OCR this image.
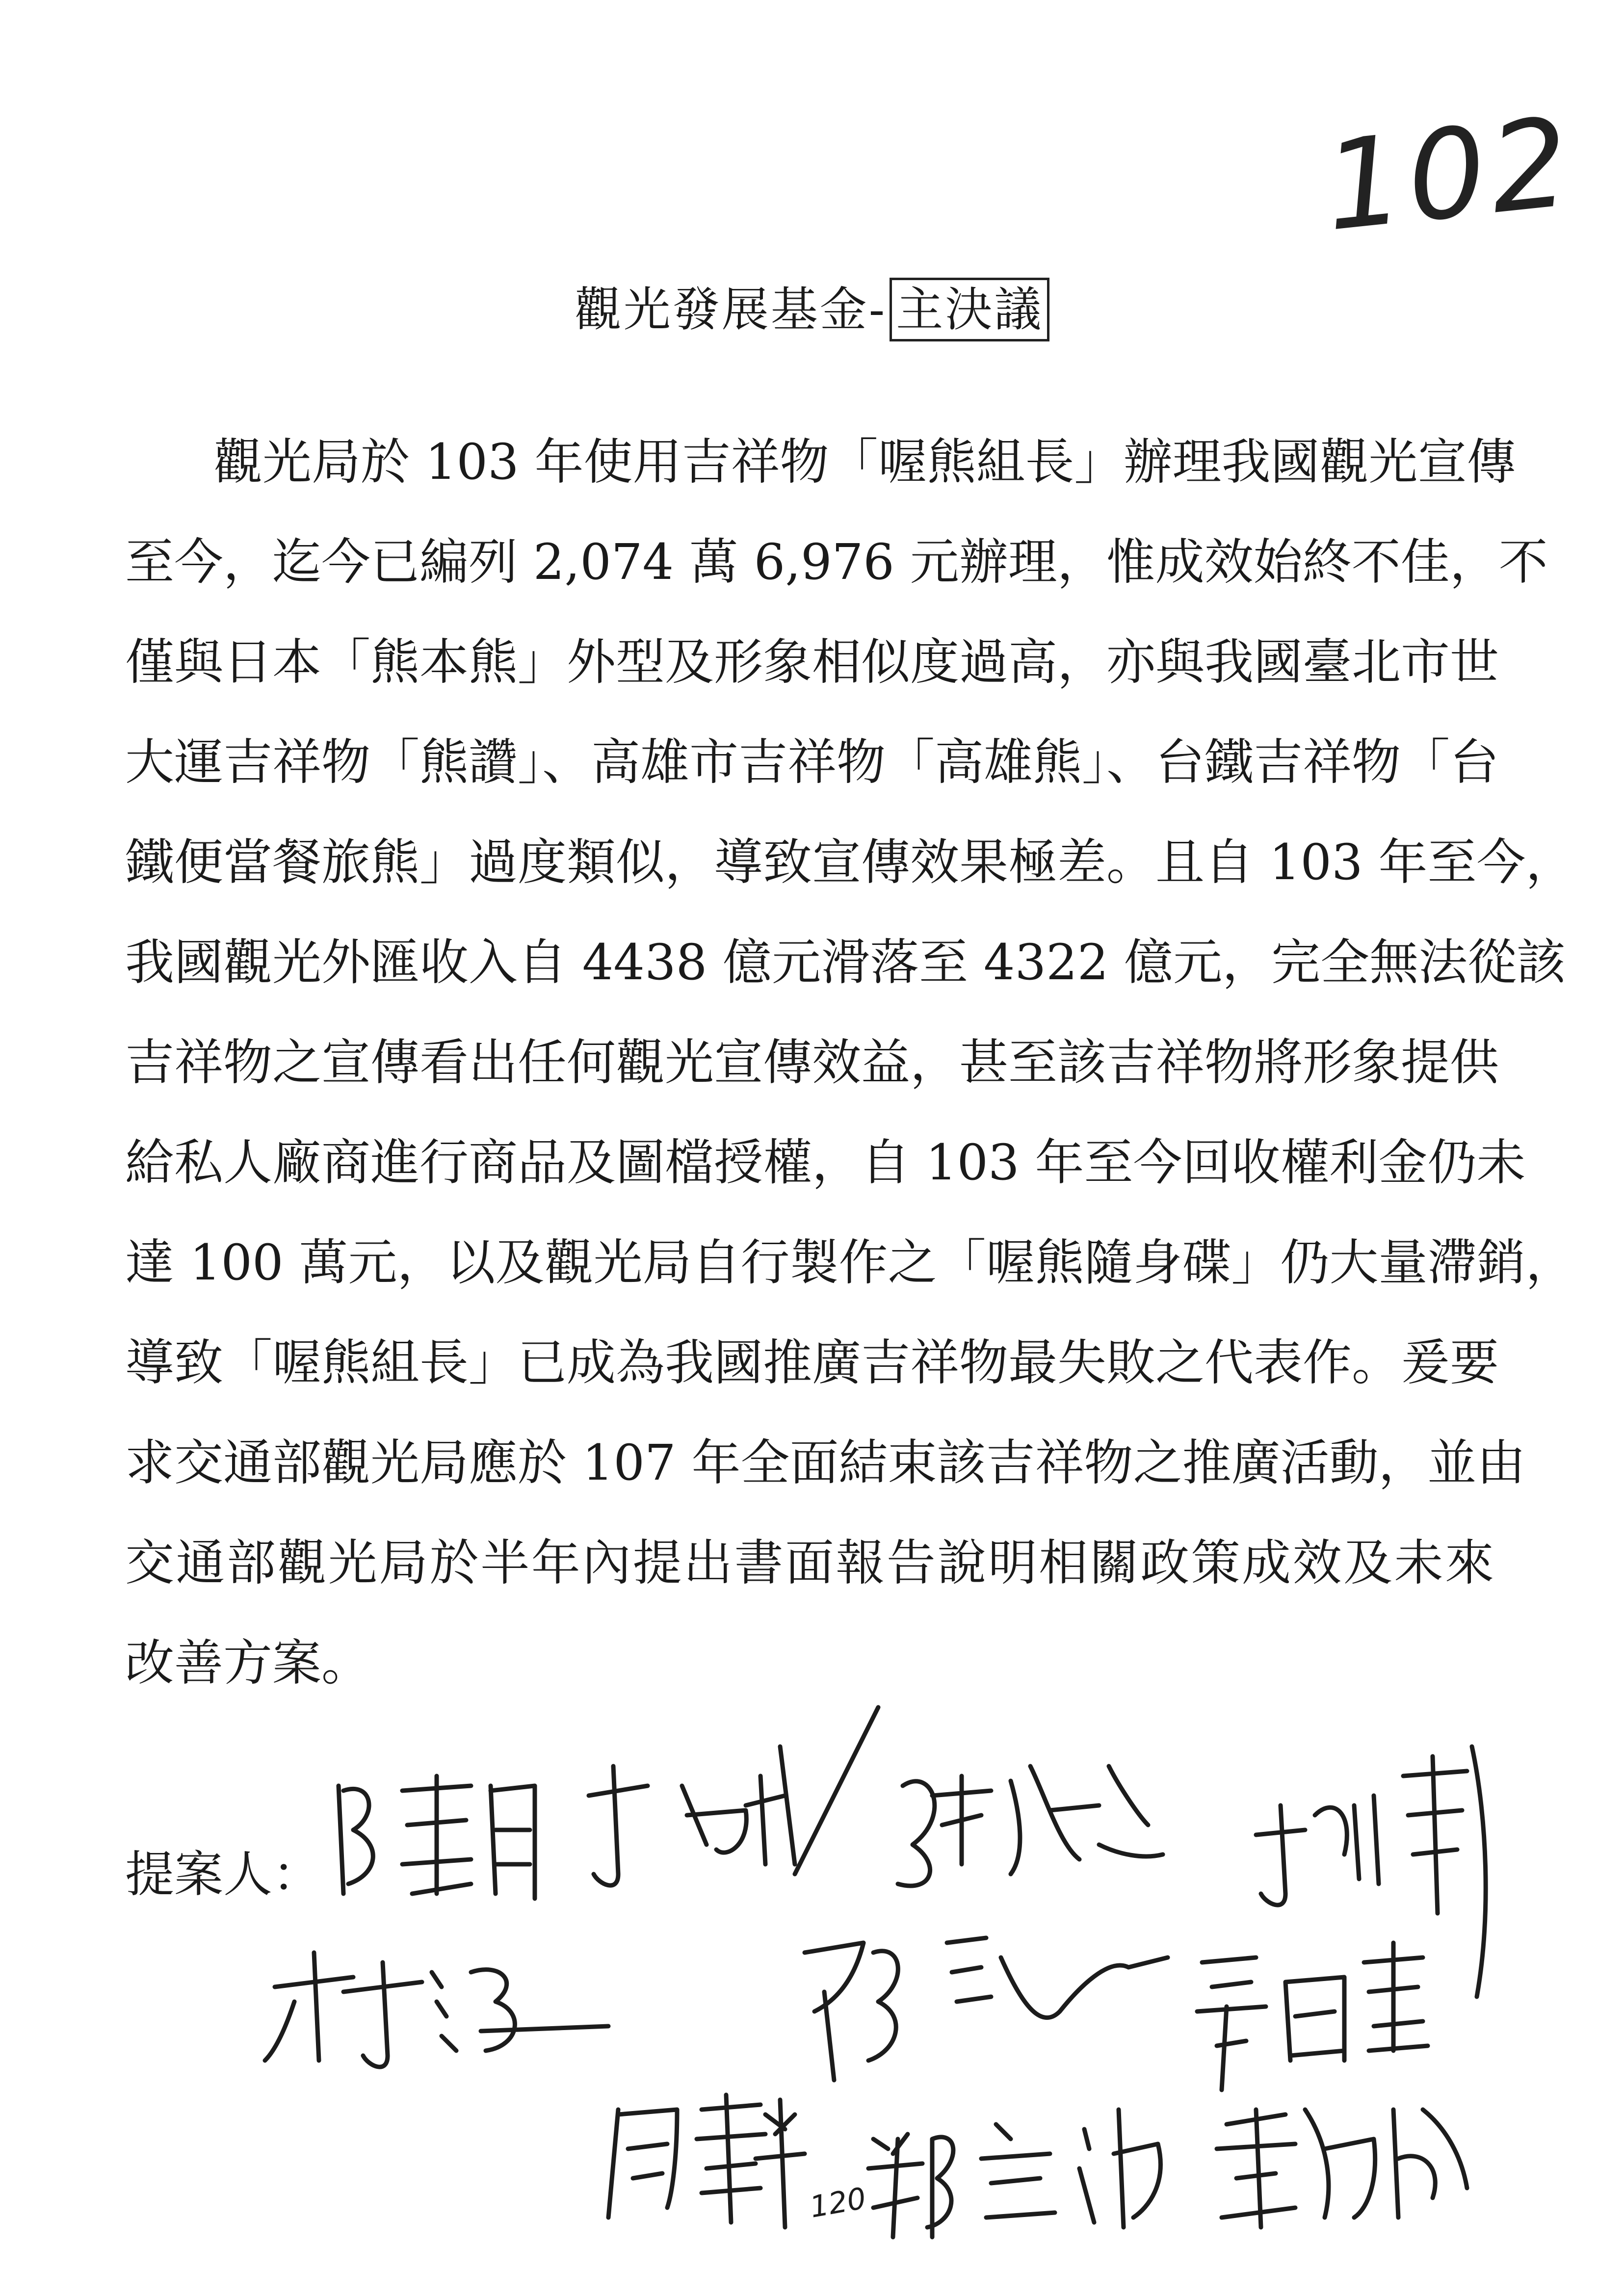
102
觀光發展基金- 主決議
觀光局於 103 年使用吉祥物「喔熊組長」辦理我國觀光宣傳
至今，迄今已編列 2,074 萬 6,976 元辦理，惟成效始終不佳，不
僅與日本「熊本熊」外型及形象相似度過高，亦與我國臺北市世
大運吉祥物「熊讚」、高雄市吉祥物「高雄熊」、台鐵吉祥物「台
鐵便當餐旅熊」過度類似，導致宣傳效果極差。且自 103 年至今，
我國觀光外匯收入自 4438 億元滑落至 4322 億元，完全無法從該
吉祥物之宣傳看出任何觀光宣傳效益，甚至該吉祥物將形象提供
給私人廠商進行商品及圖檔授權，自 103 年至今回收權利金仍未
達 100 萬元，以及觀光局自行製作之「喔熊隨身碟」仍大量滯銷，
導致「喔熊組長」已成為我國推廣吉祥物最失敗之代表作。爰要
求交通部觀光局應於 107 年全面結束該吉祥物之推廣活動，並由
交通部觀光局於半年內提出書面報告說明相關政策成效及未來
改善方案。
提案人：
120
